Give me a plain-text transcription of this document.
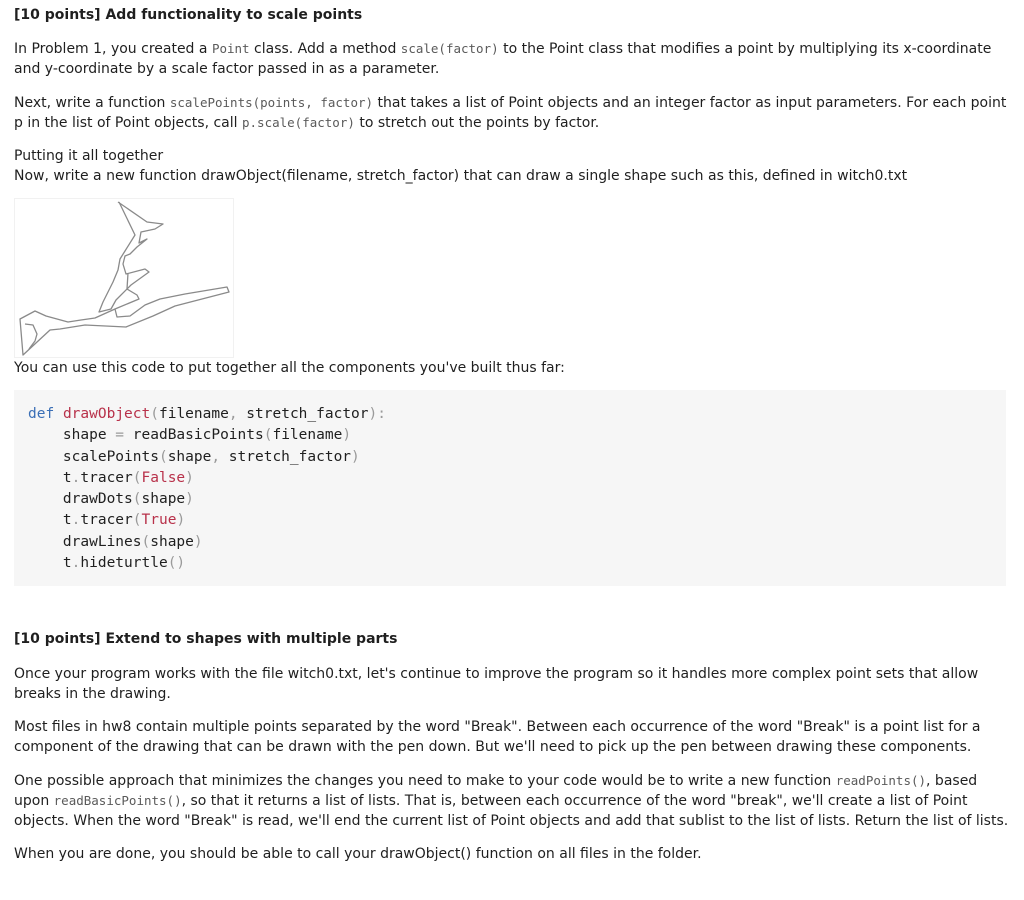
[10 points] Add functionality to scale points

In Problem 1, you created a Point class. Add a method scale(factor) to the Point class that modifies a point by multiplying its x-coordinate and y-coordinate by a scale factor passed in as a parameter.

Next, write a function scalePoints(points, factor) that takes a list of Point objects and an integer factor as input parameters. For each point p in the list of Point objects, call p.scale(factor) to stretch out the points by factor.

Putting it all together
Now, write a new function drawObject(filename, stretch_factor) that can draw a single shape such as this, defined in witch0.txt

You can use this code to put together all the components you've built thus far:

def drawObject(filename, stretch_factor):
shape = readBasicPoints(filename)
scalePoints(shape, stretch_factor)
t.tracer(False)
drawDots(shape)
t.tracer(True)
drawLines(shape)
t.hideturtle()
[10 points] Extend to shapes with multiple parts

Once your program works with the file witch0.txt, let's continue to improve the program so it handles more complex point sets that allow breaks in the drawing.

Most files in hw8 contain multiple points separated by the word "Break". Between each occurrence of the word "Break" is a point list for a component of the drawing that can be drawn with the pen down. But we'll need to pick up the pen between drawing these components.

One possible approach that minimizes the changes you need to make to your code would be to write a new function readPoints(), based upon readBasicPoints(), so that it returns a list of lists. That is, between each occurrence of the word "break", we'll create a list of Point objects. When the word "Break" is read, we'll end the current list of Point objects and add that sublist to the list of lists. Return the list of lists.

When you are done, you should be able to call your drawObject() function on all files in the folder.
